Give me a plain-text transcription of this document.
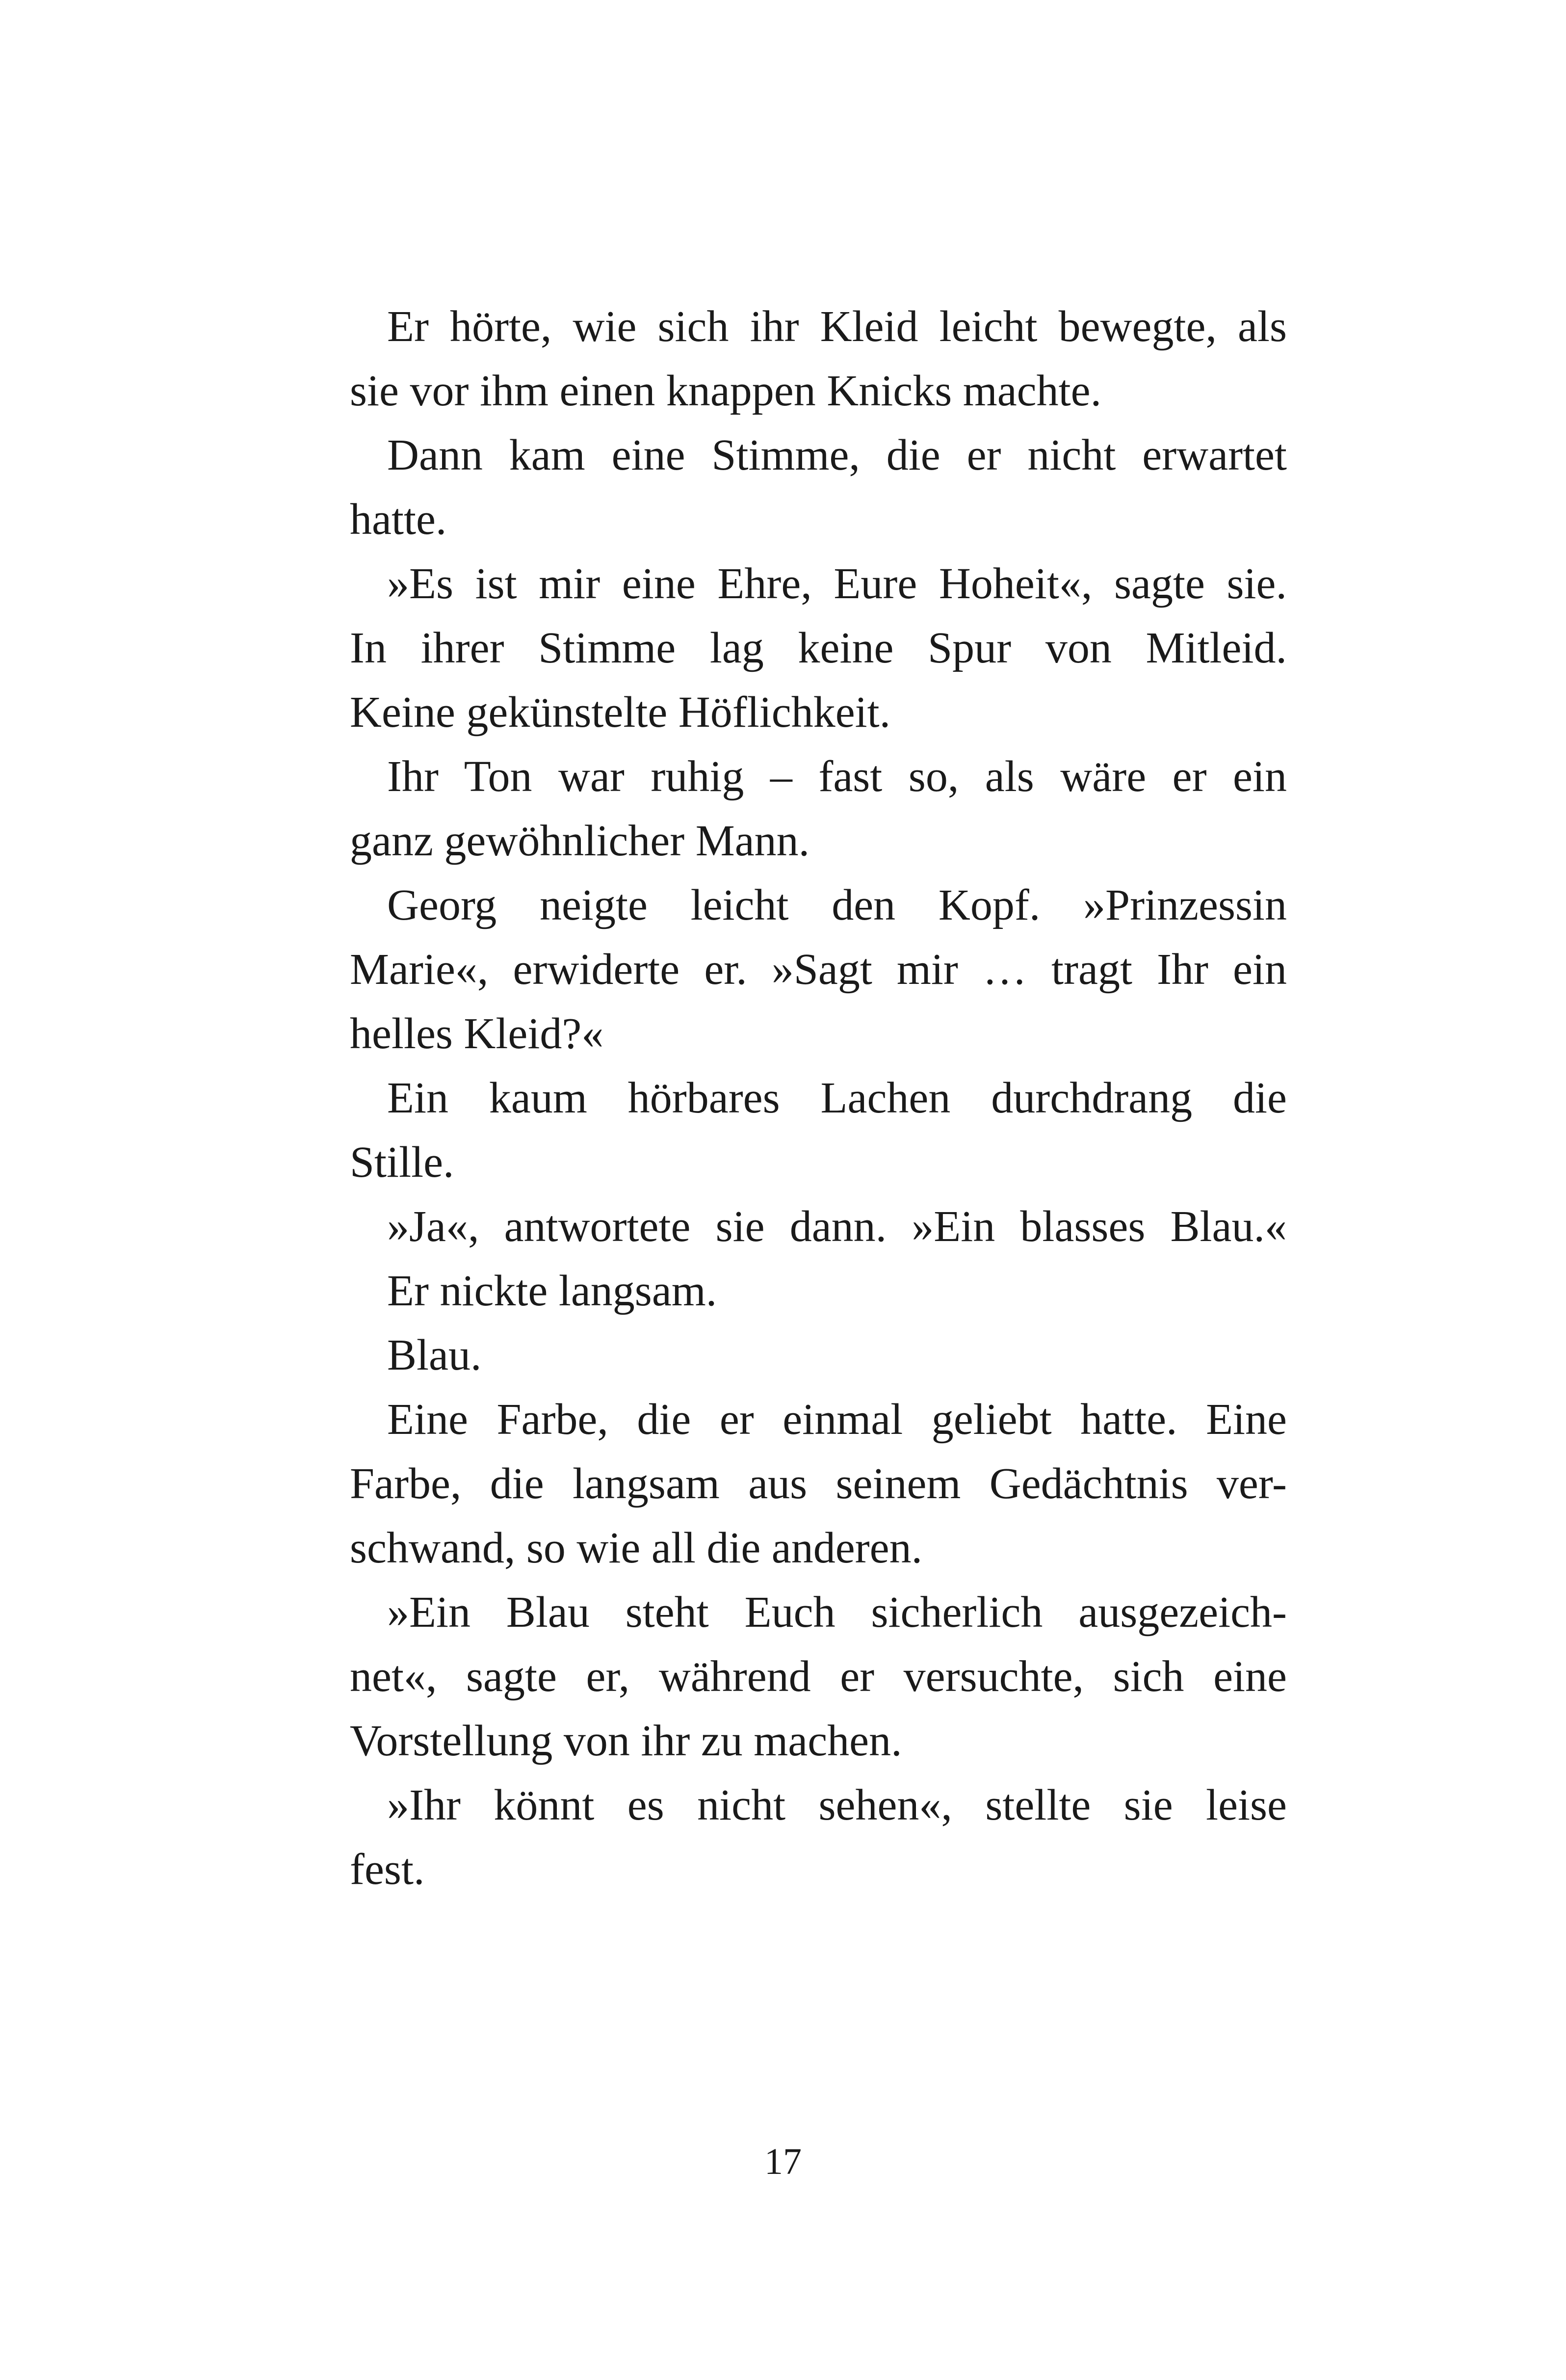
Er hörte, wie sich ihr Kleid leicht bewegte, als
sie vor ihm einen knappen Knicks machte.
Dann kam eine Stimme, die er nicht erwartet
hatte.
»Es ist mir eine Ehre, Eure Hoheit«, sagte sie.
In ihrer Stimme lag keine Spur von Mitleid.
Keine gekünstelte Höflichkeit.
Ihr Ton war ruhig – fast so, als wäre er ein
ganz gewöhnlicher Mann.
Georg neigte leicht den Kopf. »Prinzessin
Marie«, erwiderte er. »Sagt mir … tragt Ihr ein
helles Kleid?«
Ein kaum hörbares Lachen durchdrang die
Stille.
»Ja«, antwortete sie dann. »Ein blasses Blau.«
Er nickte langsam.
Blau.
Eine Farbe, die er einmal geliebt hatte. Eine
Farbe, die langsam aus seinem Gedächtnis ver-
schwand, so wie all die anderen.
»Ein Blau steht Euch sicherlich ausgezeich-
net«, sagte er, während er versuchte, sich eine
Vorstellung von ihr zu machen.
»Ihr könnt es nicht sehen«, stellte sie leise
fest.
17
